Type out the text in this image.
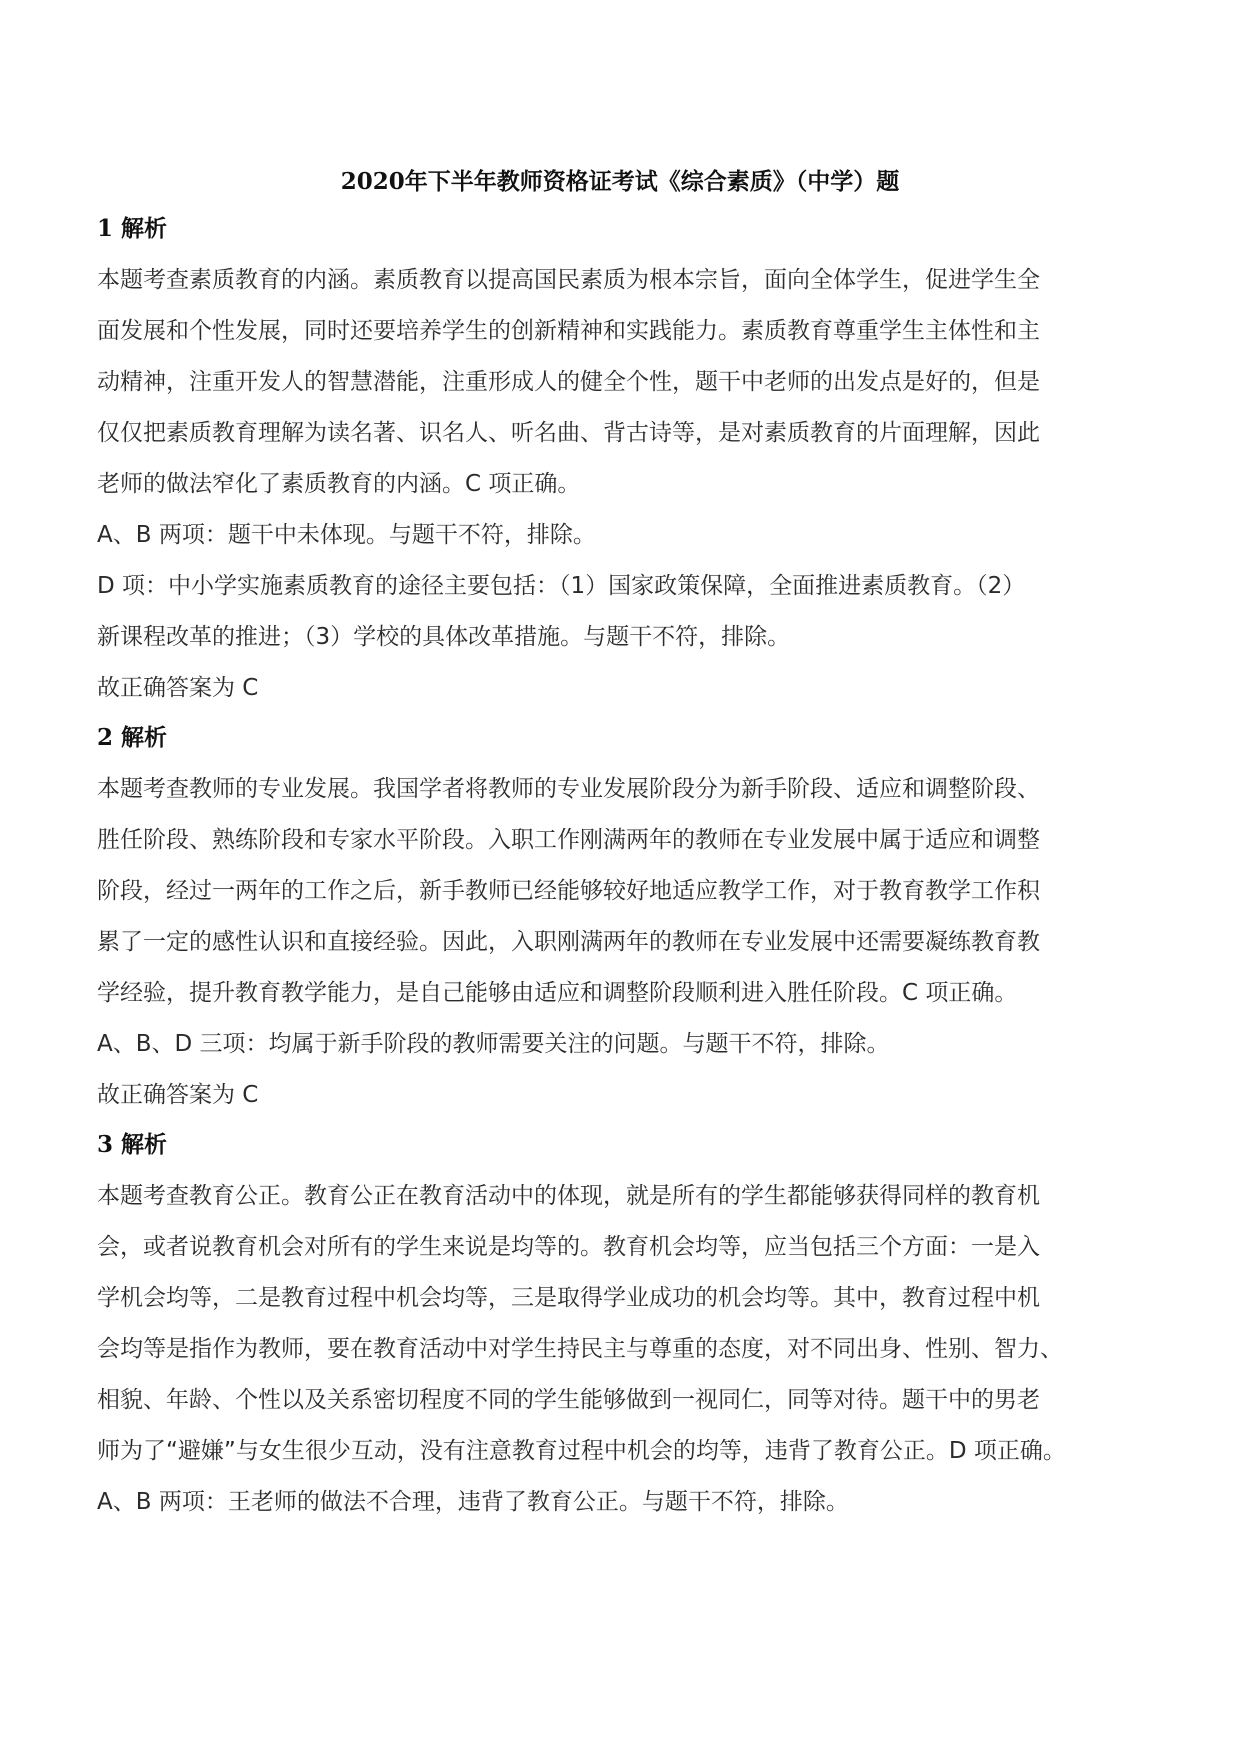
2020年下半年教师资格证考试《综合素质》（中学）题
1 解析

本题考查素质教育的内涵。素质教育以提高国民素质为根本宗旨，面向全体学生，促进学生全
面发展和个性发展，同时还要培养学生的创新精神和实践能力。素质教育尊重学生主体性和主
动精神，注重开发人的智慧潜能，注重形成人的健全个性，题干中老师的出发点是好的，但是
仅仅把素质教育理解为读名著、识名人、听名曲、背古诗等，是对素质教育的片面理解，因此
老师的做法窄化了素质教育的内涵。C 项正确。

A、B 两项：题干中未体现。与题干不符，排除。

D 项：中小学实施素质教育的途径主要包括：（1）国家政策保障，全面推进素质教育。（2）
新课程改革的推进；（3）学校的具体改革措施。与题干不符，排除。

故正确答案为 C

2 解析

本题考查教师的专业发展。我国学者将教师的专业发展阶段分为新手阶段、适应和调整阶段、
胜任阶段、熟练阶段和专家水平阶段。入职工作刚满两年的教师在专业发展中属于适应和调整
阶段，经过一两年的工作之后，新手教师已经能够较好地适应教学工作，对于教育教学工作积
累了一定的感性认识和直接经验。因此，入职刚满两年的教师在专业发展中还需要凝练教育教
学经验，提升教育教学能力，是自己能够由适应和调整阶段顺利进入胜任阶段。C 项正确。

A、B、D 三项：均属于新手阶段的教师需要关注的问题。与题干不符，排除。

故正确答案为 C

3 解析

本题考查教育公正。教育公正在教育活动中的体现，就是所有的学生都能够获得同样的教育机
会，或者说教育机会对所有的学生来说是均等的。教育机会均等，应当包括三个方面：一是入
学机会均等，二是教育过程中机会均等，三是取得学业成功的机会均等。其中，教育过程中机
会均等是指作为教师，要在教育活动中对学生持民主与尊重的态度，对不同出身、性别、智力、
相貌、年龄、个性以及关系密切程度不同的学生能够做到一视同仁，同等对待。题干中的男老
师为了“避嫌”与女生很少互动，没有注意教育过程中机会的均等，违背了教育公正。D 项正确。

A、B 两项：王老师的做法不合理，违背了教育公正。与题干不符，排除。
